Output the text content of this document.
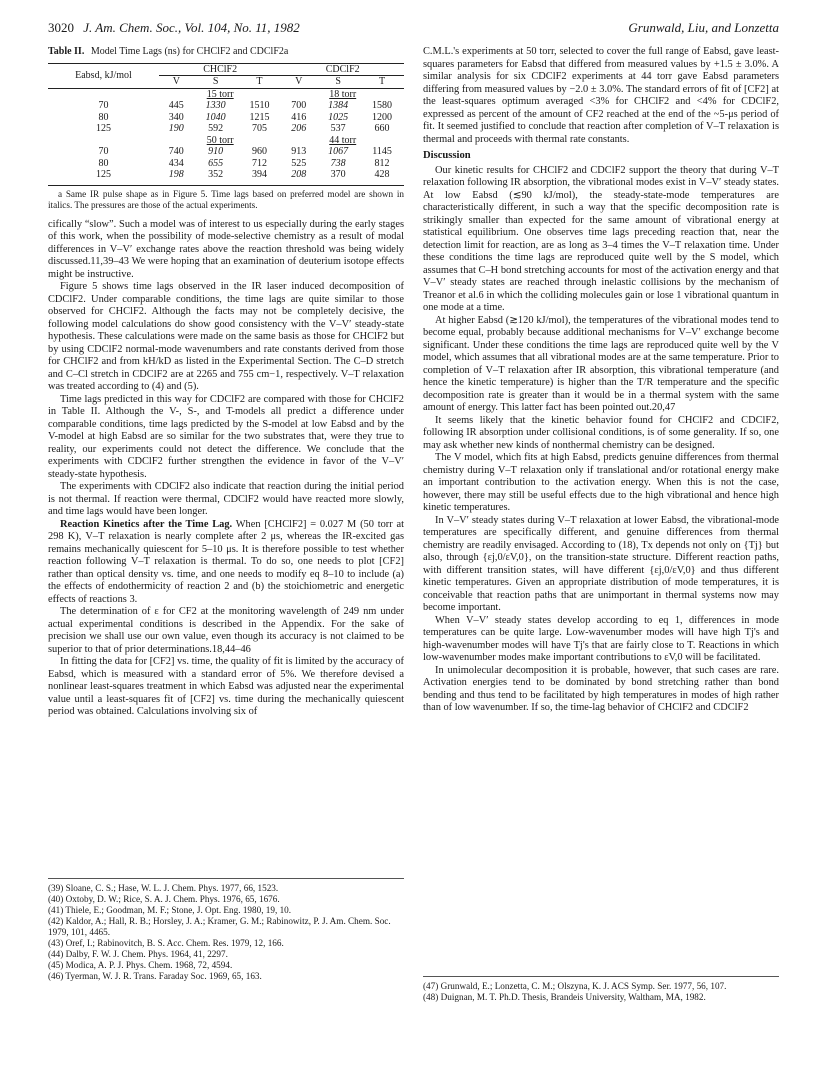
3020 J. Am. Chem. Soc., Vol. 104, No. 11, 1982	Grunwald, Liu, and Lonzetta
Table II. Model Time Lags (ns) for CHClF2 and CDClF2a
Eabsd, kJ/mol	CHClF2			CDClF2		
	V	S	T	V	S	T
	15 torr			18 torr		
70	445	1330	1510	700	1384	1580
80	340	1040	1215	416	1025	1200
125	190	592	705	206	537	660
	50 torr			44 torr		
70	740	910	960	913	1067	1145
80	434	655	712	525	738	812
125	198	352	394	208	370	428
a Same IR pulse shape as in Figure 5. Time lags based on preferred model are shown in italics. The pressures are those of the actual experiments.

cifically “slow”. Such a model was of interest to us especially during the early stages of this work, when the possibility of mode-selective chemistry as a result of modal differences in V–V′ exchange rates above the reaction threshold was being widely discussed.11,39–43 We were hoping that an examination of deuterium isotope effects might be instructive.

Figure 5 shows time lags observed in the IR laser induced decomposition of CDClF2. Under comparable conditions, the time lags are quite similar to those observed for CHClF2. Although the facts may not be completely decisive, the following model calculations do show good consistency with the V–V′ steady-state hypothesis. These calculations were made on the same basis as those for CHClF2 but by using CDClF2 normal-mode wavenumbers and rate constants derived from those for CHClF2 and from kH/kD as listed in the Experimental Section. The C–D stretch and C–Cl stretch in CDClF2 are at 2265 and 755 cm−1, respectively. V–T relaxation was treated according to (4) and (5).

Time lags predicted in this way for CDClF2 are compared with those for CHClF2 in Table II. Although the V-, S-, and T-models all predict a difference under comparable conditions, time lags predicted by the S-model at low Eabsd and by the V-model at high Eabsd are so similar for the two substrates that, were they true to reality, our experiments could not detect the difference. We conclude that the experiments with CDClF2 further strengthen the evidence in favor of the V–V′ steady-state hypothesis.

The experiments with CDClF2 also indicate that reaction during the initial period is not thermal. If reaction were thermal, CDClF2 would have reacted more slowly, and time lags would have been longer.

Reaction Kinetics after the Time Lag. When [CHClF2] = 0.027 M (50 torr at 298 K), V–T relaxation is nearly complete after 2 μs, whereas the IR-excited gas remains mechanically quiescent for 5–10 μs. It is therefore possible to test whether reaction following V–T relaxation is thermal. To do so, one needs to plot [CF2] rather than optical density vs. time, and one needs to modify eq 8–10 to include (a) the effects of endothermicity of reaction 2 and (b) the stoichiometric and energetic effects of reactions 3.

The determination of ε for CF2 at the monitoring wavelength of 249 nm under actual experimental conditions is described in the Appendix. For the sake of precision we shall use our own value, even though its accuracy is not claimed to be superior to that of prior determinations.18,44–46

In fitting the data for [CF2] vs. time, the quality of fit is limited by the accuracy of Eabsd, which is measured with a standard error of 5%. We therefore devised a nonlinear least-squares treatment in which Eabsd was adjusted near the experimental value until a least-squares fit of [CF2] vs. time during the mechanically quiescent period was obtained. Calculations involving six of

C.M.L.'s experiments at 50 torr, selected to cover the full range of Eabsd, gave least-squares parameters for Eabsd that differed from measured values by +1.5 ± 3.0%. A similar analysis for six CDClF2 experiments at 44 torr gave Eabsd parameters differing from measured values by −2.0 ± 3.0%. The standard errors of fit of [CF2] at the least-squares optimum averaged <3% for CHClF2 and <4% for CDClF2, expressed as percent of the amount of CF2 reached at the end of the ~5-μs period of fit. It seemed justified to conclude that reaction after completion of V–T relaxation is thermal and proceeds with thermal rate constants.

Discussion

Our kinetic results for CHClF2 and CDClF2 support the theory that during V–T relaxation following IR absorption, the vibrational modes exist in V–V′ steady states. At low Eabsd (≲90 kJ/mol), the steady-state-mode temperatures are characteristically different, in such a way that the specific decomposition rate is strikingly smaller than expected for the same amount of vibrational energy at statistical equilibrium. One observes time lags preceding reaction that, near the detection limit for reaction, are as long as 3–4 times the V–T relaxation time. Under these conditions the time lags are reproduced quite well by the S model, which assumes that C–H bond stretching accounts for most of the activation energy and that V–V′ steady states are reached through inelastic collisions by the mechanism of Treanor et al.6 in which the colliding molecules gain or lose 1 vibrational quantum in one mode at a time.

At higher Eabsd (≳120 kJ/mol), the temperatures of the vibrational modes tend to become equal, probably because additional mechanisms for V–V′ exchange become significant. Under these conditions the time lags are reproduced quite well by the V model, which assumes that all vibrational modes are at the same temperature. Prior to completion of V–T relaxation after IR absorption, this vibrational temperature (and hence the kinetic temperature) is higher than the T/R temperature and the specific decomposition rate is greater than it would be in a thermal system with the same amount of energy. This latter fact has been pointed out.20,47

It seems likely that the kinetic behavior found for CHClF2 and CDClF2, following IR absorption under collisional conditions, is of some generality. If so, one may ask whether new kinds of nonthermal chemistry can be designed.

The V model, which fits at high Eabsd, predicts genuine differences from thermal chemistry during V–T relaxation only if translational and/or rotational energy make an important contribution to the activation energy. When this is not the case, however, there may still be useful effects due to the high vibrational and hence high kinetic temperatures.

In V–V′ steady states during V–T relaxation at lower Eabsd, the vibrational-mode temperatures are specifically different, and genuine differences from thermal chemistry are readily envisaged. According to (18), Tx depends not only on {Tj} but also, through {εj,0/εV,0}, on the transition-state structure. Different reaction paths, with different transition states, will have different {εj,0/εV,0} and thus different kinetic temperatures. Given an appropriate distribution of mode temperatures, it is conceivable that reaction paths that are unimportant in thermal systems now may become important.

When V–V′ steady states develop according to eq 1, differences in mode temperatures can be quite large. Low-wavenumber modes will have high Tj's and high-wavenumber modes will have Tj's that are fairly close to T. Reactions in which low-wavenumber modes make important contributions to εV,0 will be facilitated.

In unimolecular decomposition it is probable, however, that such cases are rare. Activation energies tend to be dominated by bond stretching rather than bond bending and thus tend to be facilitated by high temperatures in modes of high rather than of low wavenumber. If so, the time-lag behavior of CHClF2 and CDClF2

(39) Sloane, C. S.; Hase, W. L. J. Chem. Phys. 1977, 66, 1523.
(40) Oxtoby, D. W.; Rice, S. A. J. Chem. Phys. 1976, 65, 1676.
(41) Thiele, E.; Goodman, M. F.; Stone, J. Opt. Eng. 1980, 19, 10.
(42) Kaldor, A.; Hall, R. B.; Horsley, J. A.; Kramer, G. M.; Rabinowitz, P. J. Am. Chem. Soc. 1979, 101, 4465.
(43) Oref, I.; Rabinovitch, B. S. Acc. Chem. Res. 1979, 12, 166.
(44) Dalby, F. W. J. Chem. Phys. 1964, 41, 2297.
(45) Modica, A. P. J. Phys. Chem. 1968, 72, 4594.
(46) Tyerman, W. J. R. Trans. Faraday Soc. 1969, 65, 163.
(47) Grunwald, E.; Lonzetta, C. M.; Olszyna, K. J. ACS Symp. Ser. 1977, 56, 107.
(48) Duignan, M. T. Ph.D. Thesis, Brandeis University, Waltham, MA, 1982.
